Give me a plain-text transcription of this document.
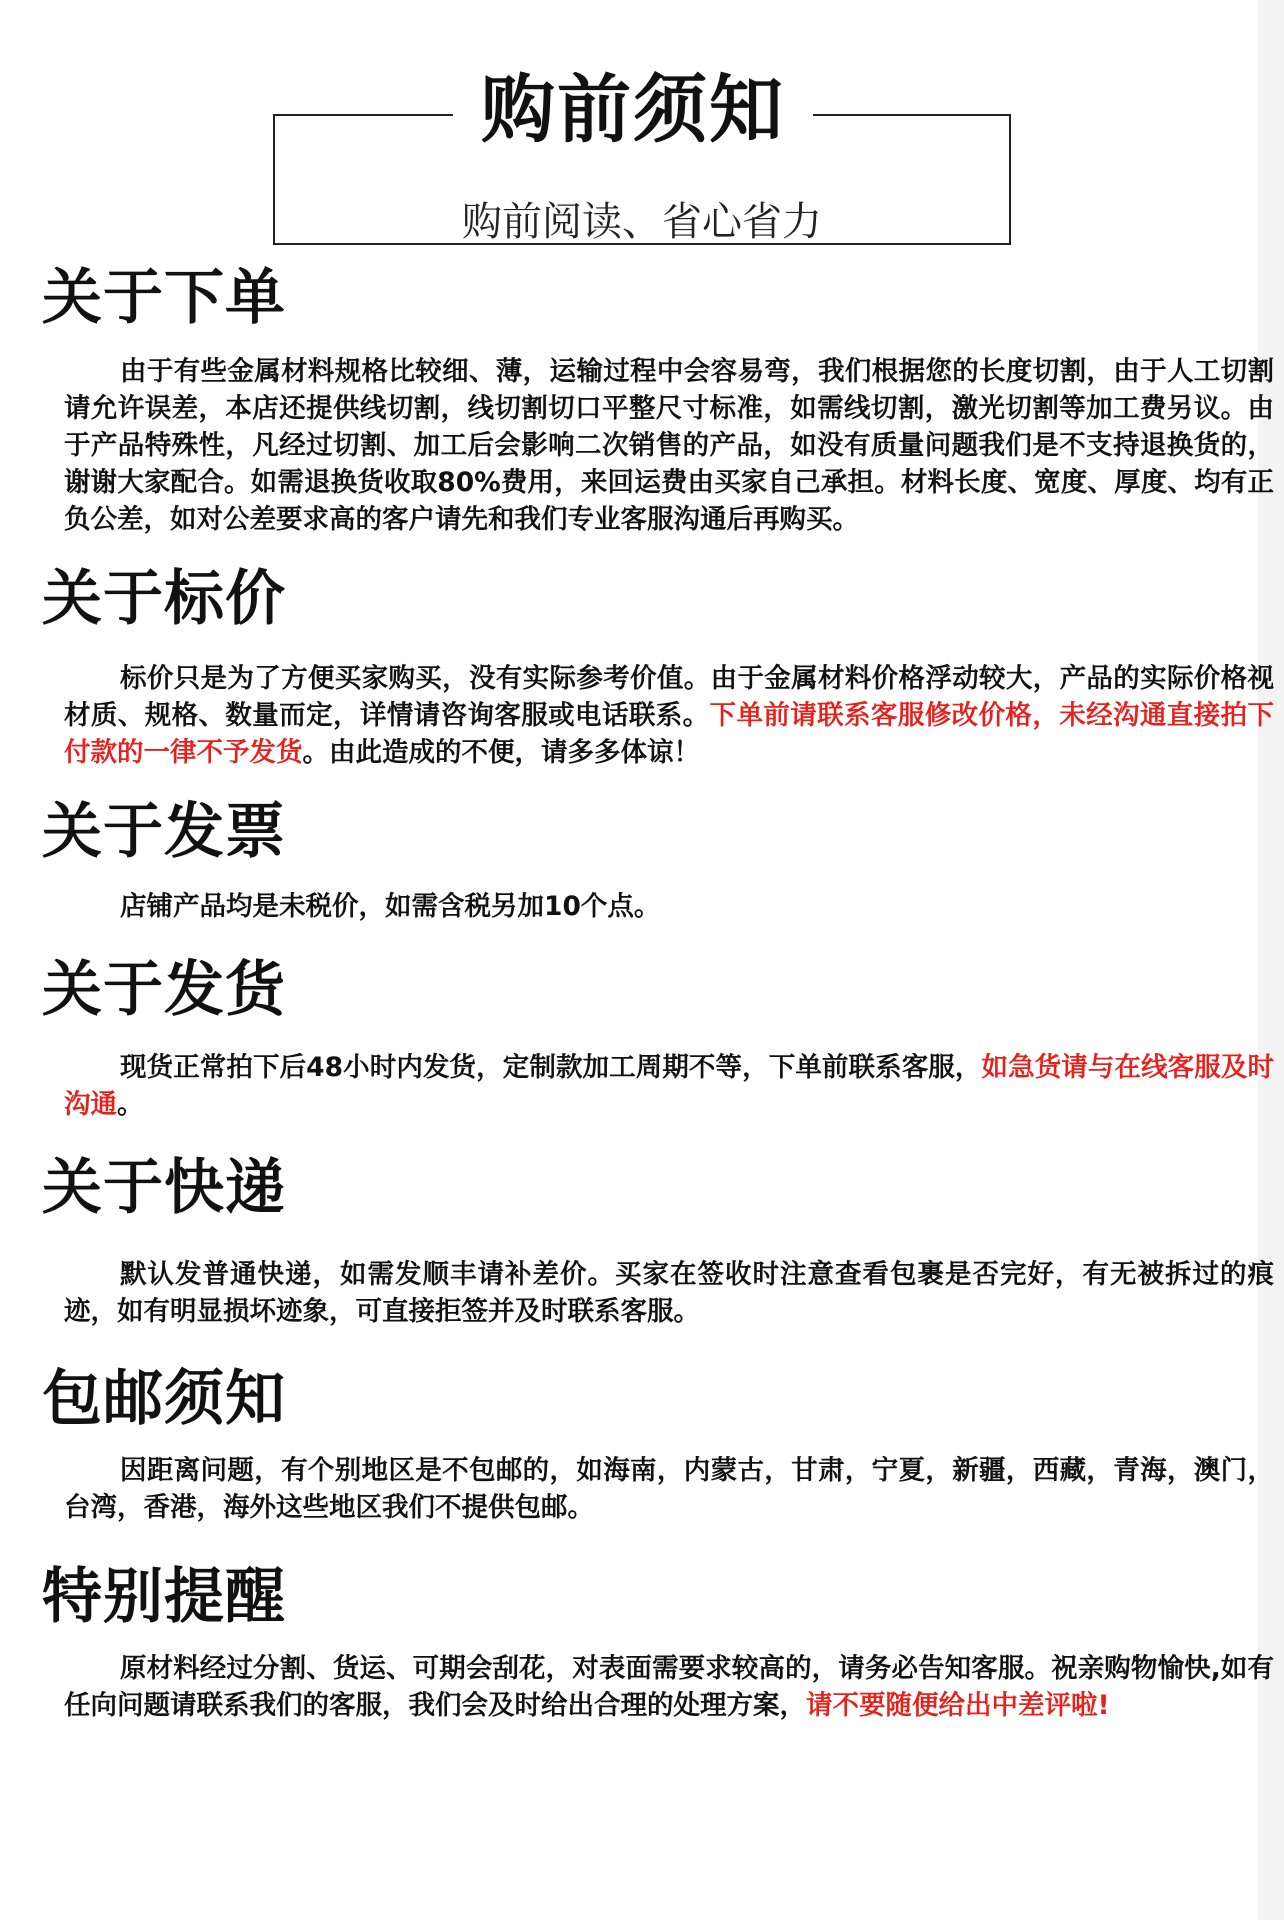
购前须知
购前阅读、省心省力
关于下单

由于有些金属材料规格比较细、薄，运输过程中会容易弯，我们根据您的长度切割，由于人工切割请允许误差，本店还提供线切割，线切割切口平整尺寸标准，如需线切割，激光切割等加工费另议。由于产品特殊性，凡经过切割、加工后会影响二次销售的产品，如没有质量问题我们是不支持退换货的，谢谢大家配合。如需退换货收取80%费用，来回运费由买家自己承担。材料长度、宽度、厚度、均有正负公差，如对公差要求高的客户请先和我们专业客服沟通后再购买。

关于标价

标价只是为了方便买家购买，没有实际参考价值。由于金属材料价格浮动较大，产品的实际价格视材质、规格、数量而定，详情请咨询客服或电话联系。下单前请联系客服修改价格，未经沟通直接拍下付款的一律不予发货。由此造成的不便，请多多体谅！

关于发票

店铺产品均是未税价，如需含税另加10个点。

关于发货

现货正常拍下后48小时内发货，定制款加工周期不等，下单前联系客服，如急货请与在线客服及时沟通。

关于快递

默认发普通快递，如需发顺丰请补差价。买家在签收时注意查看包裹是否完好，有无被拆过的痕迹，如有明显损坏迹象，可直接拒签并及时联系客服。

包邮须知

因距离问题，有个别地区是不包邮的，如海南，内蒙古，甘肃，宁夏，新疆，西藏，青海，澳门，台湾，香港，海外这些地区我们不提供包邮。

特别提醒

原材料经过分割、货运、可期会刮花，对表面需要求较高的，请务必告知客服。祝亲购物愉快,如有任向问题请联系我们的客服，我们会及时给出合理的处理方案，请不要随便给出中差评啦!
